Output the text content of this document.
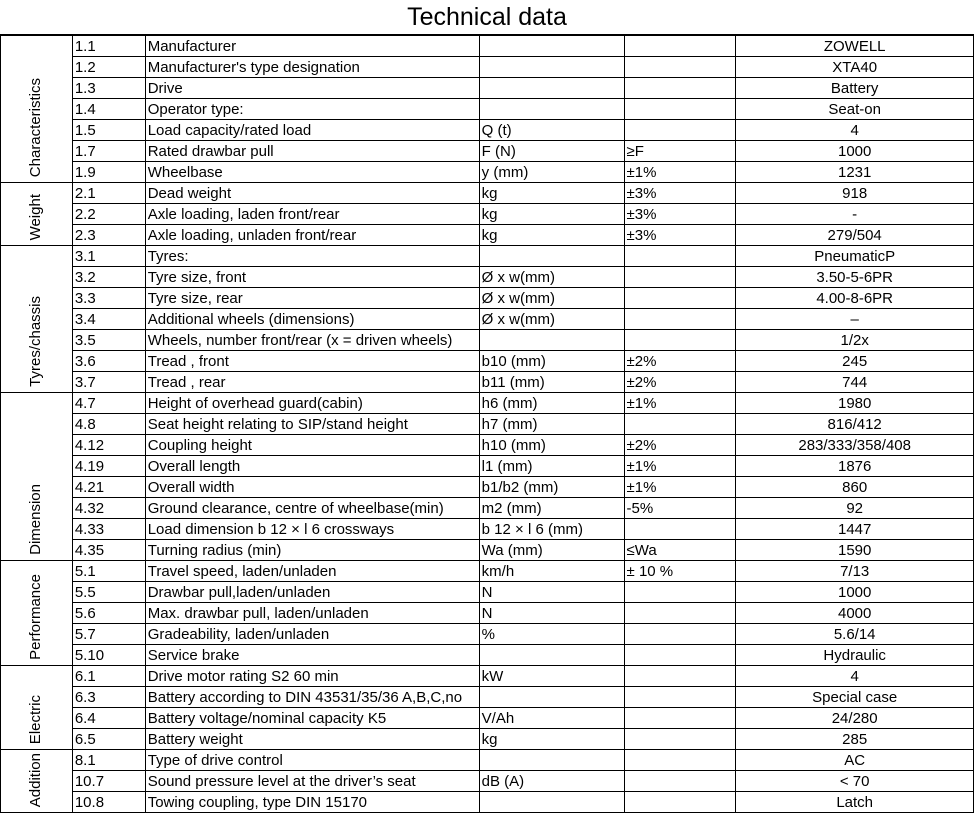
Technical data
Characteristics	1.1	Manufacturer			ZOWELL
	1.2	Manufacturer's type designation			XTA40
	1.3	Drive			Battery
	1.4	Operator type:			Seat-on
	1.5	Load capacity/rated load	Q (t)		4
	1.7	Rated drawbar pull	F (N)	≥F	1000
	1.9	Wheelbase	y (mm)	±1%	1231
Weight	2.1	Dead weight	kg	±3%	918
	2.2	Axle loading, laden front/rear	kg	±3%	-
	2.3	Axle loading, unladen front/rear	kg	±3%	279/504
Tyres/chassis	3.1	Tyres:			PneumaticP
	3.2	Tyre size, front	Ø x w(mm)		3.50-5-6PR
	3.3	Tyre size, rear	Ø x w(mm)		4.00-8-6PR
	3.4	Additional wheels (dimensions)	Ø x w(mm)		–
	3.5	Wheels, number front/rear (x = driven wheels)			1/2x
	3.6	Tread , front	b10 (mm)	±2%	245
	3.7	Tread , rear	b11 (mm)	±2%	744
Dimension	4.7	Height of overhead guard(cabin)	h6 (mm)	±1%	1980
	4.8	Seat height relating to SIP/stand height	h7 (mm)		816/412
	4.12	Coupling height	h10 (mm)	±2%	283/333/358/408
	4.19	Overall length	l1 (mm)	±1%	1876
	4.21	Overall width	b1/b2 (mm)	±1%	860
	4.32	Ground clearance, centre of wheelbase(min)	m2 (mm)	-5%	92
	4.33	Load dimension b 12 × l 6 crossways	b 12 × l 6 (mm)		1447
	4.35	Turning radius (min)	Wa (mm)	≤Wa	1590
Performance	5.1	Travel speed, laden/unladen	km/h	± 10 %	7/13
	5.5	Drawbar pull,laden/unladen	N		1000
	5.6	Max. drawbar pull, laden/unladen	N		4000
	5.7	Gradeability, laden/unladen	%		5.6/14
	5.10	Service brake			Hydraulic
Electric	6.1	Drive motor rating S2 60 min	kW		4
	6.3	Battery according to DIN 43531/35/36 A,B,C,no			Special case
	6.4	Battery voltage/nominal capacity K5	V/Ah		24/280
	6.5	Battery weight	kg		285
Addition	8.1	Type of drive control			AC
	10.7	Sound pressure level at the driver’s seat	dB (A)		< 70
	10.8	Towing coupling, type DIN 15170			Latch
